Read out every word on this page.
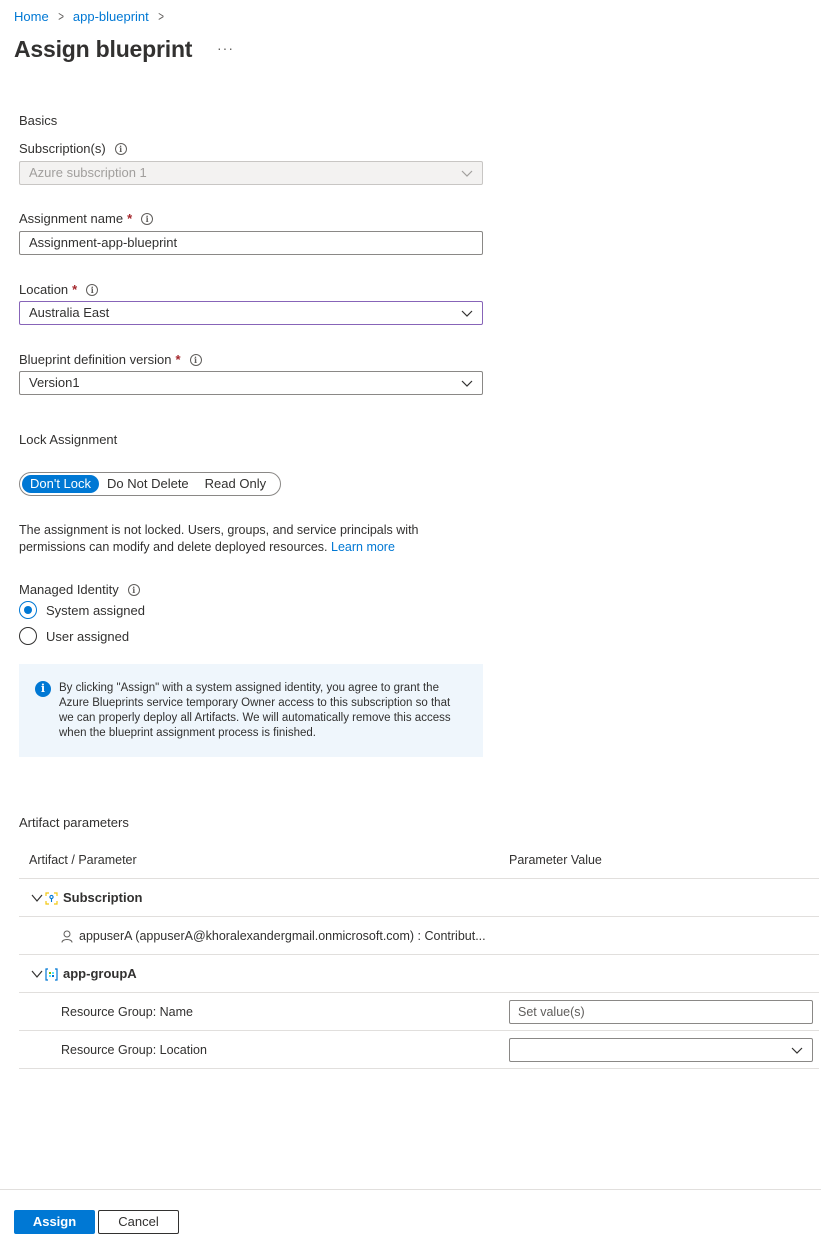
Home > app-blueprint >
Assign blueprint ···
Basics
Subscription(s)	i
Azure subscription 1
Assignment name *	i
Assignment-app-blueprint
Location *	i
Australia East
Blueprint definition version *	i
Version1
Lock Assignment
Don't Lock	Do Not Delete	Read Only
The assignment is not locked. Users, groups, and service principals with permissions can modify and delete deployed resources. Learn more
Managed Identity	i
System assigned
User assigned
i	By clicking "Assign" with a system assigned identity, you agree to grant the Azure Blueprints service temporary Owner access to this subscription so that we can properly deploy all Artifacts. We will automatically remove this access when the blueprint assignment process is finished.
Artifact parameters
Artifact / Parameter	Parameter Value
Subscription
appuserA (appuserA@khoralexandergmail.onmicrosoft.com) : Contribut...
app-groupA
Resource Group: Name	Set value(s)
Resource Group: Location
Assign	Cancel
